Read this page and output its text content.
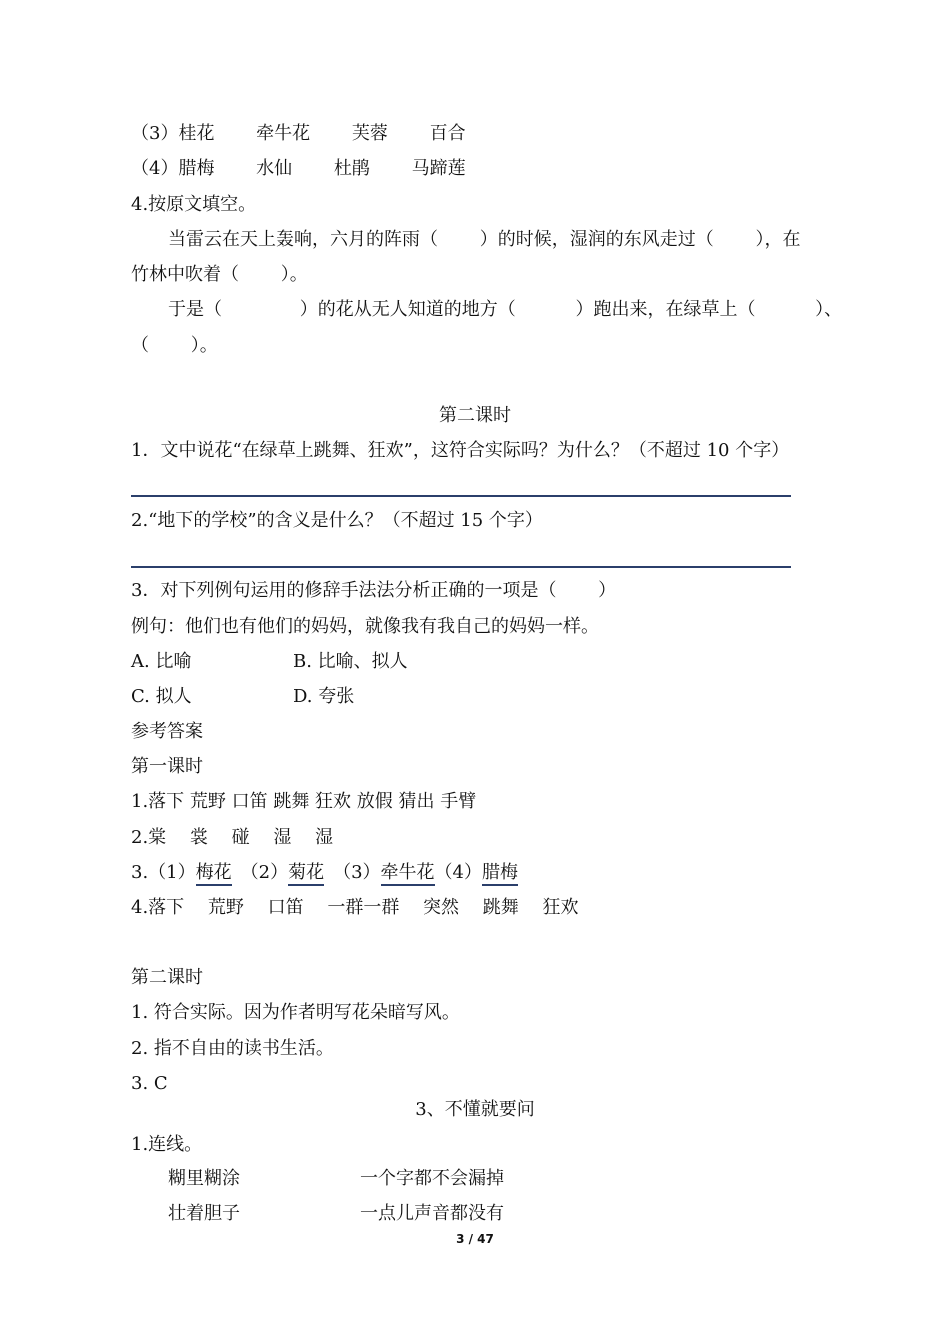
（3）桂花　　 牵牛花　　 芙蓉　　 百合
（4）腊梅　　 水仙　　 杜鹃　　 马蹄莲
4.按原文填空。
当雷云在天上轰响，六月的阵雨（　　 ）的时候，湿润的东风走过（　　 ），在
竹林中吹着（　　 ）。
于是（　　　　 ）的花从无人知道的地方（　　　 ）跑出来，在绿草上（　　　 ）、
（　　 ）。
第二课时
1．文中说花“在绿草上跳舞、狂欢”，这符合实际吗？为什么？（不超过 10 个字）
2.“地下的学校”的含义是什么？（不超过 15 个字）
3．对下列例句运用的修辞手法法分析正确的一项是（　　 ）
例句：他们也有他们的妈妈，就像我有我自己的妈妈一样。
A. 比喻	B. 比喻、拟人
C. 拟人	D. 夸张
参考答案
第一课时
1.落下 荒野 口笛 跳舞 狂欢 放假 猜出 手臂
2.棠　 裳　 碰　 湿　 湿
3.（1）梅花　（2）菊花　（3）牵牛花（4）腊梅
4.落下　 荒野　 口笛　 一群一群　 突然　 跳舞　 狂欢
第二课时
1. 符合实际。因为作者明写花朵暗写风。
2. 指不自由的读书生活。
3. C
3、不懂就要问
1.连线。
糊里糊涂	一个字都不会漏掉
壮着胆子	一点儿声音都没有
3 / 47
